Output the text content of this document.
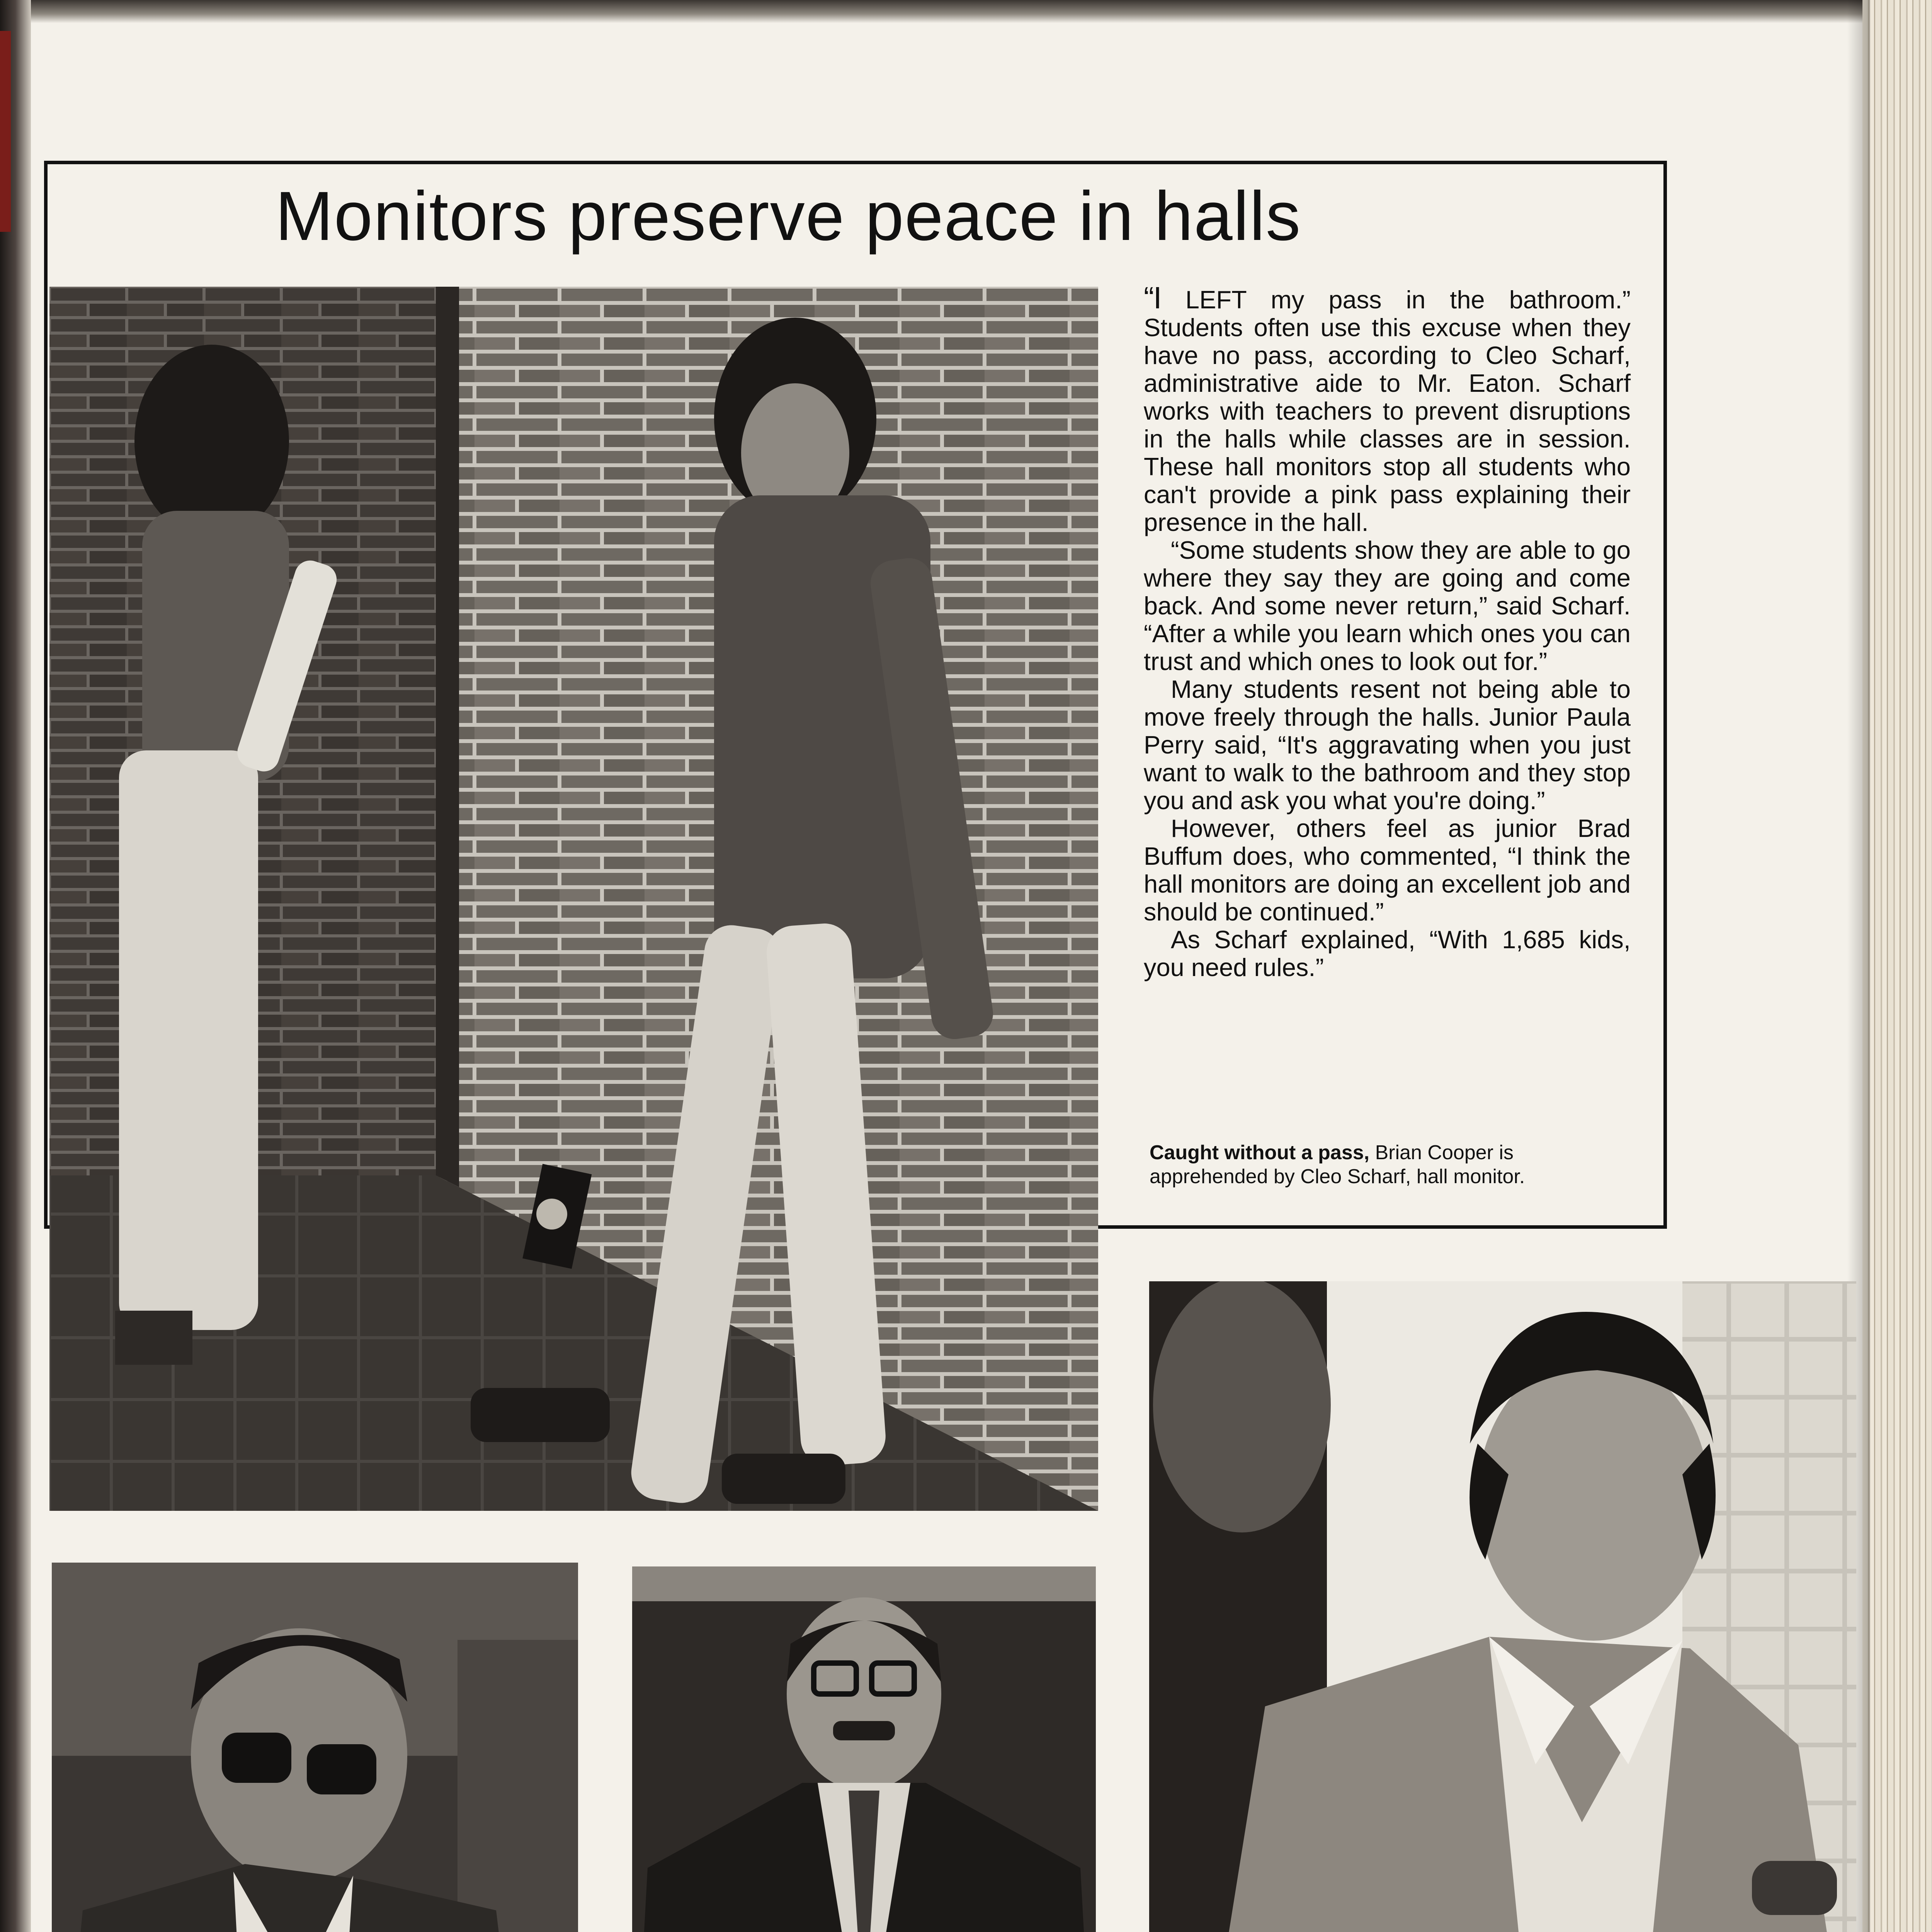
Monitors preserve peace in halls

“I LEFT my pass in the bathroom.” Students often use this excuse when they have no pass, according to Cleo Scharf, administrative aide to Mr. Eaton. Scharf works with teachers to prevent disruptions in the halls while classes are in session. These hall monitors stop all students who can't provide a pink pass explaining their presence in the hall.

“Some students show they are able to go where they say they are going and come back. And some never return,” said Scharf. “After a while you learn which ones you can trust and which ones to look out for.”

Many students resent not being able to move freely through the halls. Junior Paula Perry said, “It's aggravating when you just want to walk to the bathroom and they stop you and ask you what you're doing.”

However, others feel as junior Brad Buffum does, who commented, “I think the hall monitors are doing an excellent job and should be continued.”

As Scharf explained, “With 1,685 kids, you need rules.”

Caught without a pass, Brian Cooper is apprehended by Cleo Scharf, hall monitor.
